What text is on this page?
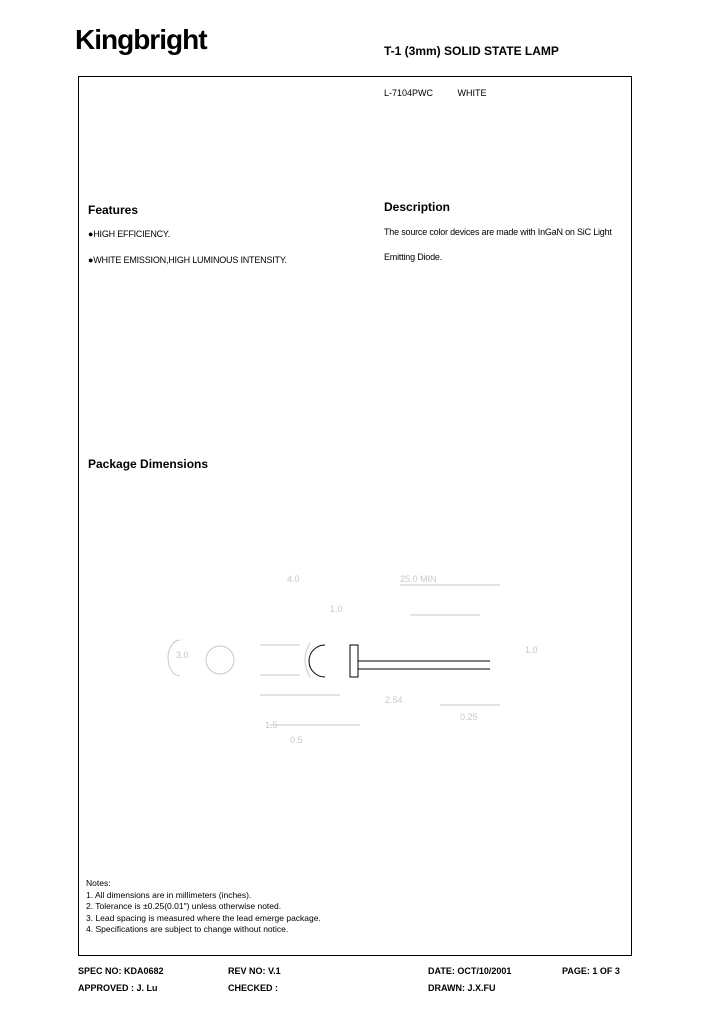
Kingbright	T-1 (3mm) SOLID STATE LAMP
L-7104PWC	WHITE
Features
●HIGH EFFICIENCY.
●WHITE EMISSION,HIGH LUMINOUS INTENSITY.
Description
The source color devices are made with InGaN on SiC Light
Emitting Diode.
Package Dimensions
4.0	25.0 MIN
1.0
3.0	1.0
2.54
0.5
1.5
0.25
Notes:
1. All dimensions are in millimeters (inches).
2. Tolerance is ±0.25(0.01") unless otherwise noted.
3. Lead spacing is measured where the lead emerge package.
4. Specifications are subject to change without notice.
SPEC NO: KDA0682	REV NO: V.1	DATE: OCT/10/2001	PAGE: 1 OF 3
APPROVED : J. Lu	CHECKED :	DRAWN: J.X.FU
